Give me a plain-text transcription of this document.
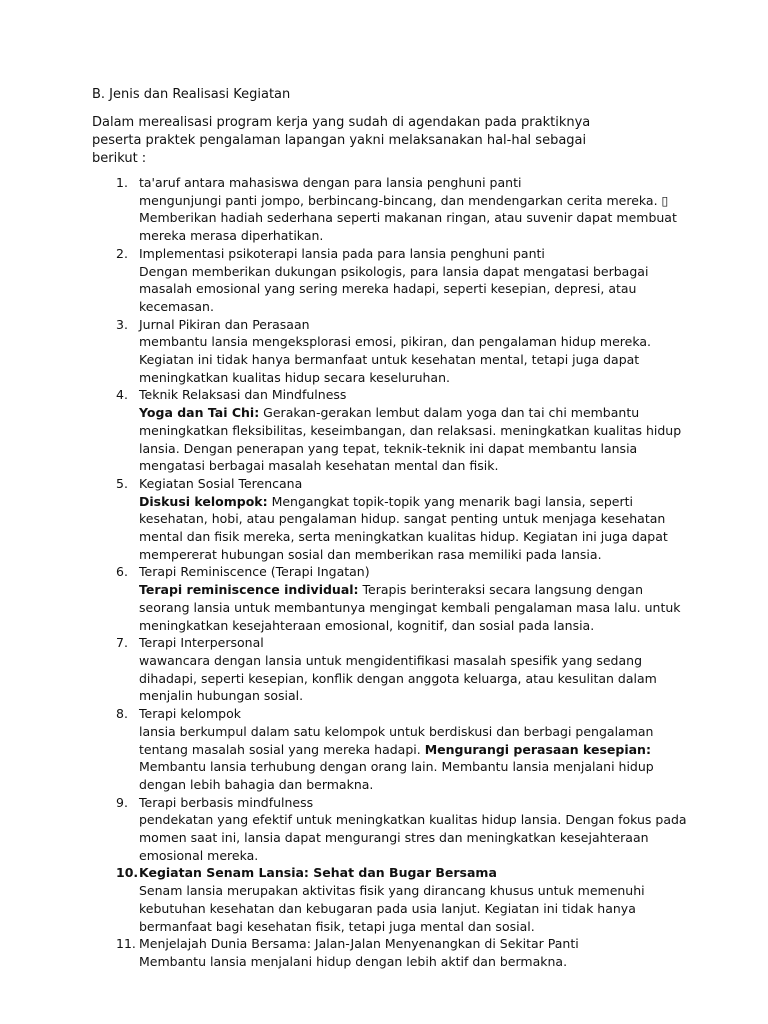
B. Jenis dan Realisasi Kegiatan

Dalam merealisasi program kerja yang sudah di agendakan pada praktiknya peserta praktek pengalaman lapangan yakni melaksanakan hal-hal sebagai berikut :

1. ta'aruf antara mahasiswa dengan para lansia penghuni panti
mengunjungi panti jompo, berbincang-bincang, dan mendengarkan cerita mereka. ▯ Memberikan hadiah sederhana seperti makanan ringan, atau suvenir dapat membuat mereka merasa diperhatikan.
2. Implementasi psikoterapi lansia pada para lansia penghuni panti
Dengan memberikan dukungan psikologis, para lansia dapat mengatasi berbagai masalah emosional yang sering mereka hadapi, seperti kesepian, depresi, atau kecemasan.
3. Jurnal Pikiran dan Perasaan
membantu lansia mengeksplorasi emosi, pikiran, dan pengalaman hidup mereka. Kegiatan ini tidak hanya bermanfaat untuk kesehatan mental, tetapi juga dapat meningkatkan kualitas hidup secara keseluruhan.
4. Teknik Relaksasi dan Mindfulness
Yoga dan Tai Chi: Gerakan-gerakan lembut dalam yoga dan tai chi membantu meningkatkan fleksibilitas, keseimbangan, dan relaksasi. meningkatkan kualitas hidup lansia. Dengan penerapan yang tepat, teknik-teknik ini dapat membantu lansia mengatasi berbagai masalah kesehatan mental dan fisik.
5. Kegiatan Sosial Terencana
Diskusi kelompok: Mengangkat topik-topik yang menarik bagi lansia, seperti kesehatan, hobi, atau pengalaman hidup. sangat penting untuk menjaga kesehatan mental dan fisik mereka, serta meningkatkan kualitas hidup. Kegiatan ini juga dapat mempererat hubungan sosial dan memberikan rasa memiliki pada lansia.
6. Terapi Reminiscence (Terapi Ingatan)
Terapi reminiscence individual: Terapis berinteraksi secara langsung dengan seorang lansia untuk membantunya mengingat kembali pengalaman masa lalu. untuk meningkatkan kesejahteraan emosional, kognitif, dan sosial pada lansia.
7. Terapi Interpersonal
wawancara dengan lansia untuk mengidentifikasi masalah spesifik yang sedang dihadapi, seperti kesepian, konflik dengan anggota keluarga, atau kesulitan dalam menjalin hubungan sosial.
8. Terapi kelompok
lansia berkumpul dalam satu kelompok untuk berdiskusi dan berbagi pengalaman tentang masalah sosial yang mereka hadapi. Mengurangi perasaan kesepian: Membantu lansia terhubung dengan orang lain. Membantu lansia menjalani hidup dengan lebih bahagia dan bermakna.
9. Terapi berbasis mindfulness
pendekatan yang efektif untuk meningkatkan kualitas hidup lansia. Dengan fokus pada momen saat ini, lansia dapat mengurangi stres dan meningkatkan kesejahteraan emosional mereka.
10. Kegiatan Senam Lansia: Sehat dan Bugar Bersama
Senam lansia merupakan aktivitas fisik yang dirancang khusus untuk memenuhi kebutuhan kesehatan dan kebugaran pada usia lanjut. Kegiatan ini tidak hanya bermanfaat bagi kesehatan fisik, tetapi juga mental dan sosial.
11. Menjelajah Dunia Bersama: Jalan-Jalan Menyenangkan di Sekitar Panti
Membantu lansia menjalani hidup dengan lebih aktif dan bermakna.
